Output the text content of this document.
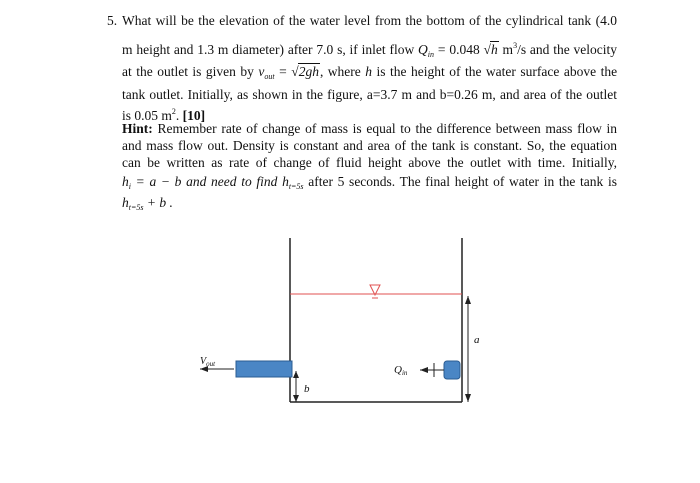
5. What will be the elevation of the water level from the bottom of the cylindrical tank (4.0
m height and 1.3 m diameter) after 7.0 s, if inlet flow $Q_{in} = 0.048$ √h $m^3/s$ and the velocity
at the outlet is given by $v_{out} = √2gh$, where h is the height of the water surface above the
tank outlet. Initially, as shown in the figure, a=3.7 m and b=0.26 m, and area of the outlet
is 0.05 $m^2$. [10]
Hint: Remember rate of change of mass is equal to the difference between mass flow in
and mass flow out. Density is constant and area of the tank is constant. So, the equation
can be written as rate of change of fluid height above the outlet with time. Initially,
$h_i = a - b$ and need to find $h_{t=5s}$ after 5 seconds. The final height of water in the tank is
$h_{t=5s} + b$ .
$V_{out}$	Qin
a
b
